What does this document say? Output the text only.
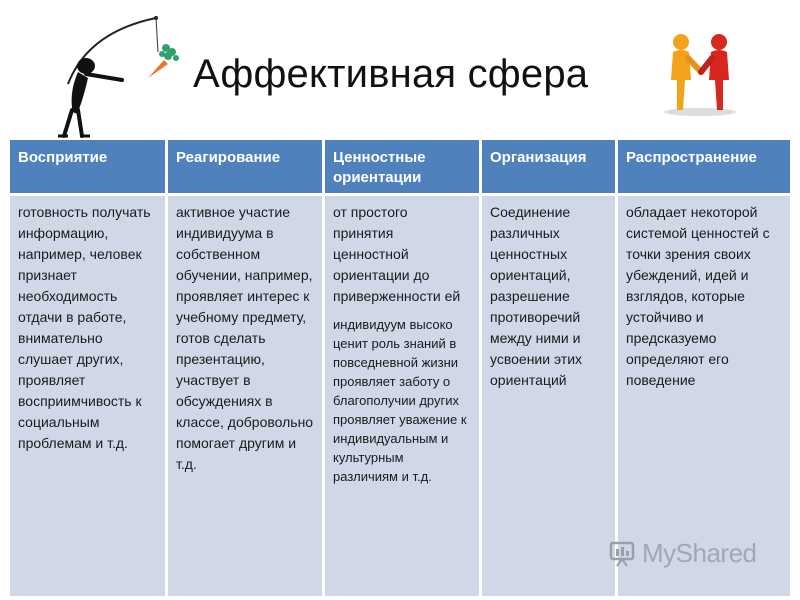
Аффективная сфера
Восприятие	Реагирование	Ценностные ориентации	Организация	Распространение
готовность получать информацию, например, человек признает необходимость отдачи в работе, внимательно слушает других, проявляет восприимчивость к социальным проблемам и т.д.	активное участие индивидуума в собственном обучении, например, проявляет интерес к учебному предмету, готов сделать презентацию, участвует в обсуждениях в классе, добровольно помогает другим и т.д.	от простого принятия ценностной ориентации до приверженности ей
индивидуум высоко ценит роль знаний в повседневной жизни
проявляет заботу о благополучии других
проявляет уважение к индивидуальным и культурным различиям и т.д.	Соединение различных ценностных ориентаций, разрешение противоречий между ними и усвоении этих ориентаций	обладает некоторой системой ценностей с точки зрения своих убеждений, идей и взглядов, которые устойчиво и предсказуемо определяют его поведение
MyShared
